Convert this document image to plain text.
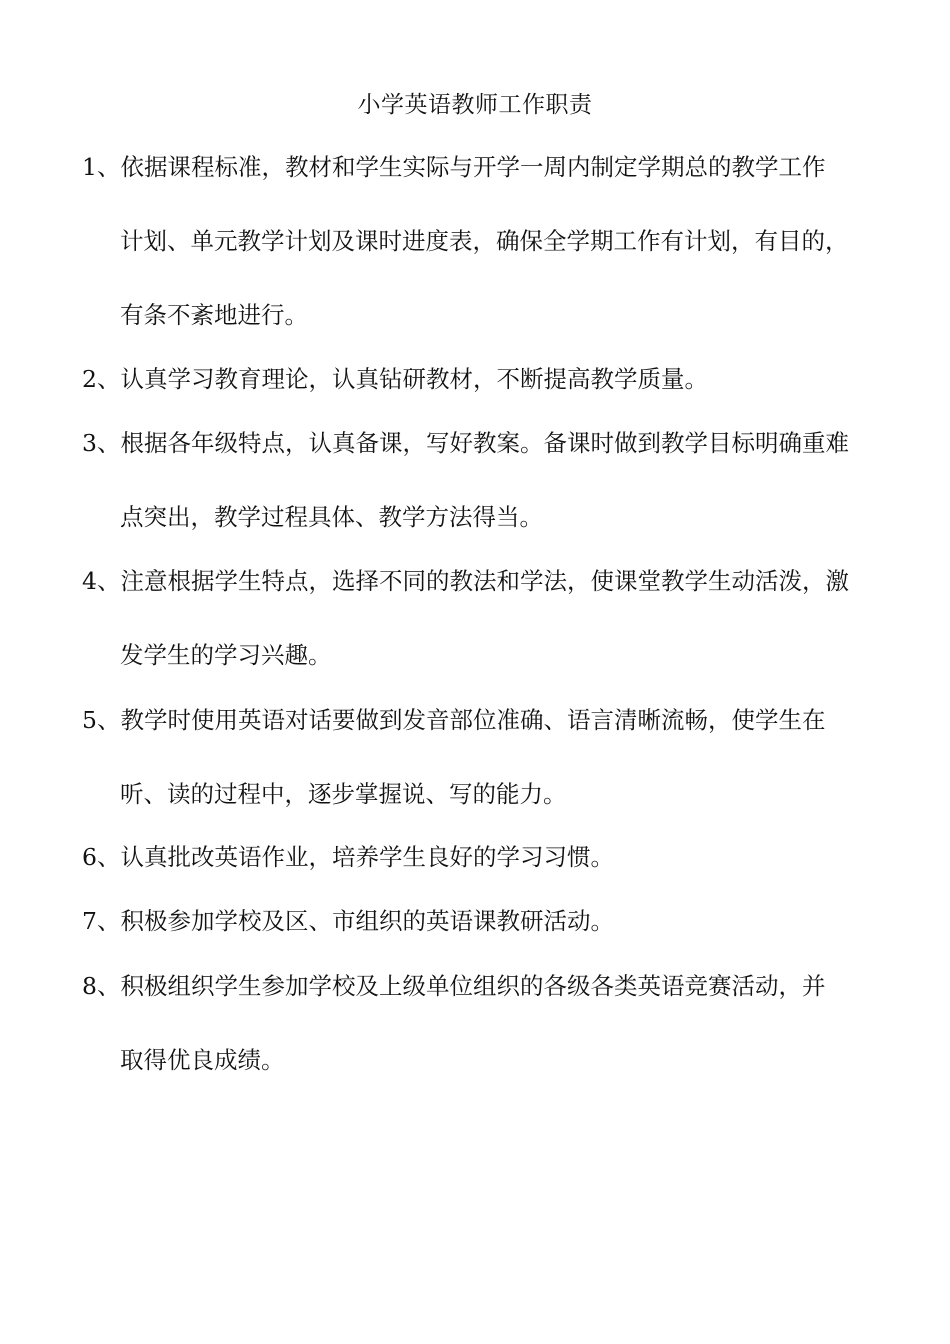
小学英语教师工作职责
1、依据课程标准，教材和学生实际与开学一周内制定学期总的教学工作
计划、单元教学计划及课时进度表，确保全学期工作有计划，有目的，
有条不紊地进行。
2、认真学习教育理论，认真钻研教材，不断提高教学质量。
3、根据各年级特点，认真备课，写好教案。备课时做到教学目标明确重难
点突出，教学过程具体、教学方法得当。
4、注意根据学生特点，选择不同的教法和学法，使课堂教学生动活泼，激
发学生的学习兴趣。
5、教学时使用英语对话要做到发音部位准确、语言清晰流畅，使学生在
听、读的过程中，逐步掌握说、写的能力。
6、认真批改英语作业，培养学生良好的学习习惯。
7、积极参加学校及区、市组织的英语课教研活动。
8、积极组织学生参加学校及上级单位组织的各级各类英语竞赛活动，并
取得优良成绩。
